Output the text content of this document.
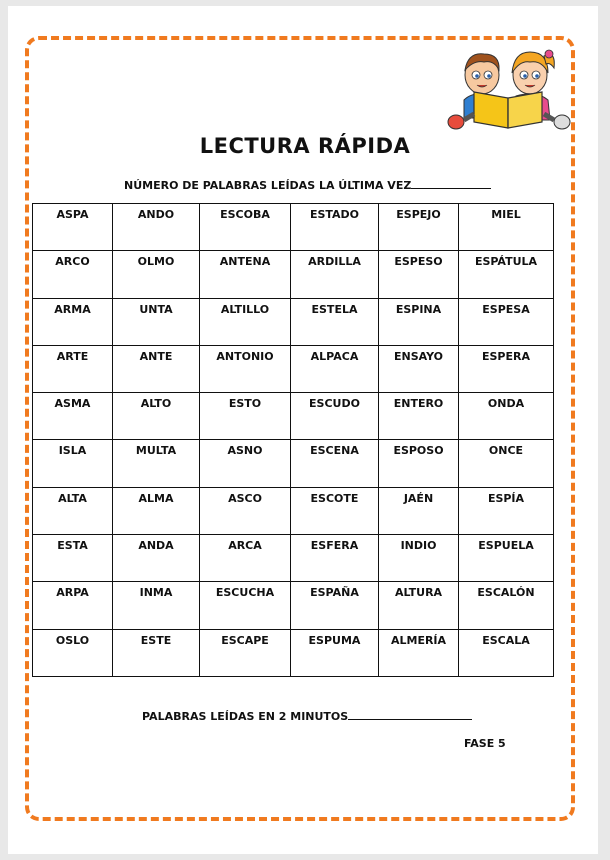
LECTURA RÁPIDA
NÚMERO DE PALABRAS LEÍDAS LA ÚLTIMA VEZ
ASPA	ANDO	ESCOBA	ESTADO	ESPEJO	MIEL
ARCO	OLMO	ANTENA	ARDILLA	ESPESO	ESPÁTULA
ARMA	UNTA	ALTILLO	ESTELA	ESPINA	ESPESA
ARTE	ANTE	ANTONIO	ALPACA	ENSAYO	ESPERA
ASMA	ALTO	ESTO	ESCUDO	ENTERO	ONDA
ISLA	MULTA	ASNO	ESCENA	ESPOSO	ONCE
ALTA	ALMA	ASCO	ESCOTE	JAÉN	ESPÍA
ESTA	ANDA	ARCA	ESFERA	INDIO	ESPUELA
ARPA	INMA	ESCUCHA	ESPAÑA	ALTURA	ESCALÓN
OSLO	ESTE	ESCAPE	ESPUMA	ALMERÍA	ESCALA
PALABRAS LEÍDAS EN 2 MINUTOS
FASE 5
